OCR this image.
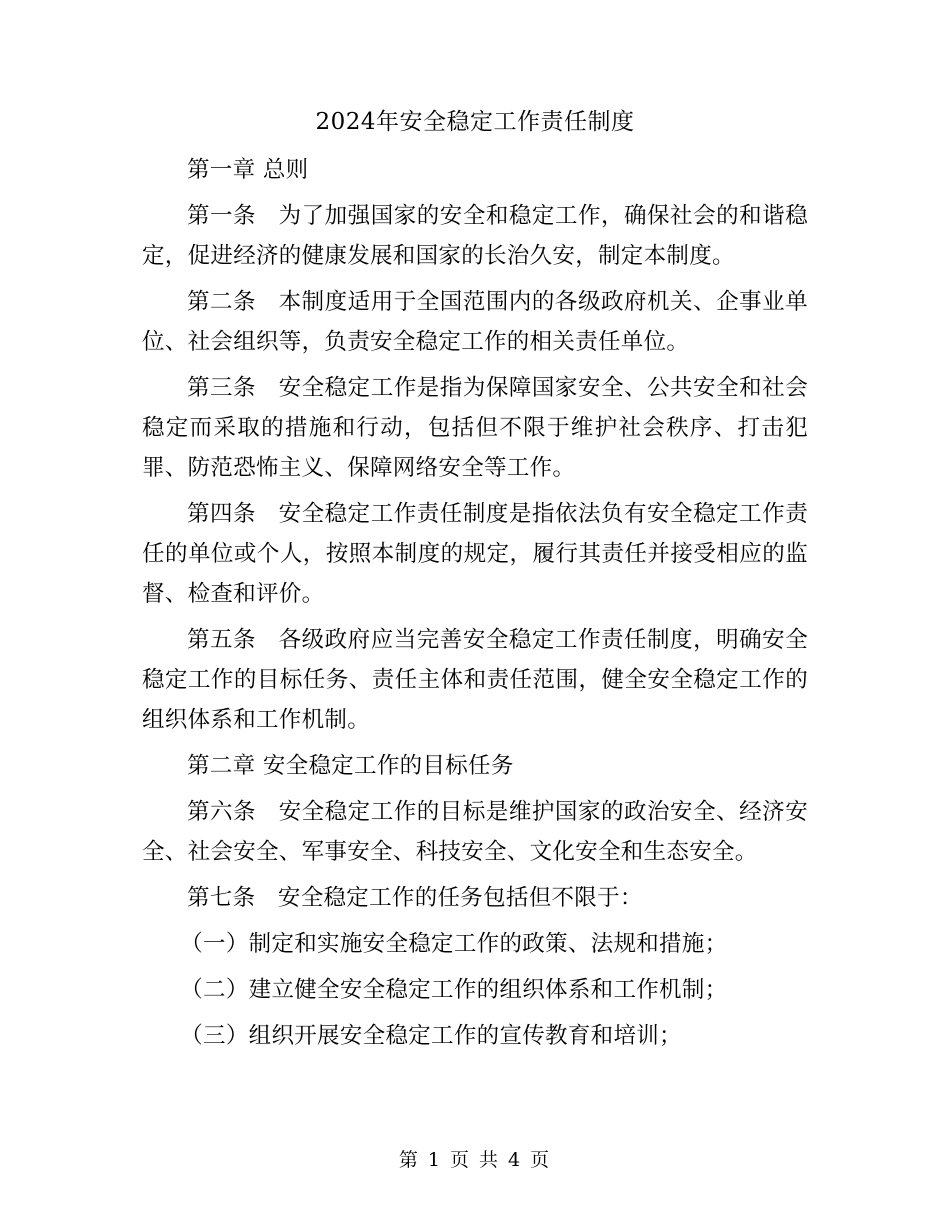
2024年安全稳定工作责任制度

第一章 总则

第一条 为了加强国家的安全和稳定工作，确保社会的和谐稳定，促进经济的健康发展和国家的长治久安，制定本制度。

第二条 本制度适用于全国范围内的各级政府机关、企事业单位、社会组织等，负责安全稳定工作的相关责任单位。

第三条 安全稳定工作是指为保障国家安全、公共安全和社会稳定而采取的措施和行动，包括但不限于维护社会秩序、打击犯罪、防范恐怖主义、保障网络安全等工作。

第四条 安全稳定工作责任制度是指依法负有安全稳定工作责任的单位或个人，按照本制度的规定，履行其责任并接受相应的监督、检查和评价。

第五条 各级政府应当完善安全稳定工作责任制度，明确安全稳定工作的目标任务、责任主体和责任范围，健全安全稳定工作的组织体系和工作机制。

第二章 安全稳定工作的目标任务

第六条 安全稳定工作的目标是维护国家的政治安全、经济安全、社会安全、军事安全、科技安全、文化安全和生态安全。

第七条 安全稳定工作的任务包括但不限于：

（一）制定和实施安全稳定工作的政策、法规和措施；

（二）建立健全安全稳定工作的组织体系和工作机制；

（三）组织开展安全稳定工作的宣传教育和培训；

第 1 页 共 4 页
